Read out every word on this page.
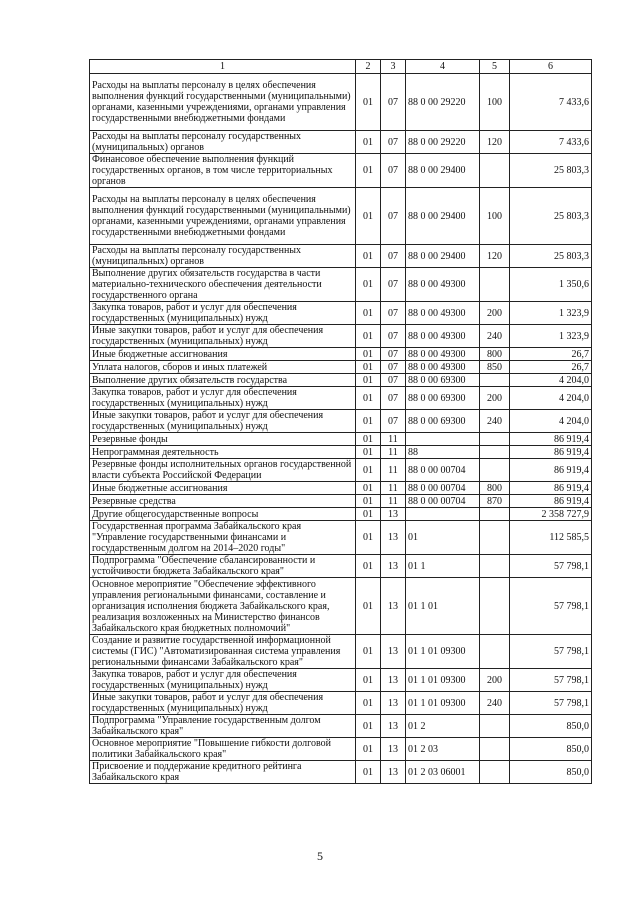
1	2	3	4	5	6
Расходы на выплаты персоналу в целях обеспечения выполнения функций государственными (муниципальными) органами, казенными учреждениями, органами управления государственными внебюджетными фондами	01	07	88 0 00 29220	100	7 433,6
Расходы на выплаты персоналу государственных (муниципальных) органов	01	07	88 0 00 29220	120	7 433,6
Финансовое обеспечение выполнения функций государственных органов, в том числе территориальных органов	01	07	88 0 00 29400		25 803,3
Расходы на выплаты персоналу в целях обеспечения выполнения функций государственными (муниципальными) органами, казенными учреждениями, органами управления государственными внебюджетными фондами	01	07	88 0 00 29400	100	25 803,3
Расходы на выплаты персоналу государственных (муниципальных) органов	01	07	88 0 00 29400	120	25 803,3
Выполнение других обязательств государства в части материально-технического обеспечения деятельности государственного органа	01	07	88 0 00 49300		1 350,6
Закупка товаров, работ и услуг для обеспечения государственных (муниципальных) нужд	01	07	88 0 00 49300	200	1 323,9
Иные закупки товаров, работ и услуг для обеспечения государственных (муниципальных) нужд	01	07	88 0 00 49300	240	1 323,9
Иные бюджетные ассигнования	01	07	88 0 00 49300	800	26,7
Уплата налогов, сборов и иных платежей	01	07	88 0 00 49300	850	26,7
Выполнение других обязательств государства	01	07	88 0 00 69300		4 204,0
Закупка товаров, работ и услуг для обеспечения государственных (муниципальных) нужд	01	07	88 0 00 69300	200	4 204,0
Иные закупки товаров, работ и услуг для обеспечения государственных (муниципальных) нужд	01	07	88 0 00 69300	240	4 204,0
Резервные фонды	01	11			86 919,4
Непрограммная деятельность	01	11	88		86 919,4
Резервные фонды исполнительных органов государственной власти субъекта Российской Федерации	01	11	88 0 00 00704		86 919,4
Иные бюджетные ассигнования	01	11	88 0 00 00704	800	86 919,4
Резервные средства	01	11	88 0 00 00704	870	86 919,4
Другие общегосударственные вопросы	01	13			2 358 727,9
Государственная программа Забайкальского края "Управление государственными финансами и государственным долгом на 2014–2020 годы"	01	13	01		112 585,5
Подпрограмма "Обеспечение сбалансированности и устойчивости бюджета Забайкальского края"	01	13	01 1		57 798,1
Основное мероприятие "Обеспечение эффективного управления региональными финансами, составление и организация исполнения бюджета Забайкальского края, реализация возложенных на Министерство финансов Забайкальского края бюджетных полномочий"	01	13	01 1 01		57 798,1
Создание и развитие государственной информационной системы (ГИС) "Автоматизированная система управления региональными финансами Забайкальского края"	01	13	01 1 01 09300		57 798,1
Закупка товаров, работ и услуг для обеспечения государственных (муниципальных) нужд	01	13	01 1 01 09300	200	57 798,1
Иные закупки товаров, работ и услуг для обеспечения государственных (муниципальных) нужд	01	13	01 1 01 09300	240	57 798,1
Подпрограмма "Управление государственным долгом Забайкальского края"	01	13	01 2		850,0
Основное мероприятие "Повышение гибкости долговой политики Забайкальского края"	01	13	01 2 03		850,0
Присвоение и поддержание кредитного рейтинга Забайкальского края	01	13	01 2 03 06001		850,0
5
